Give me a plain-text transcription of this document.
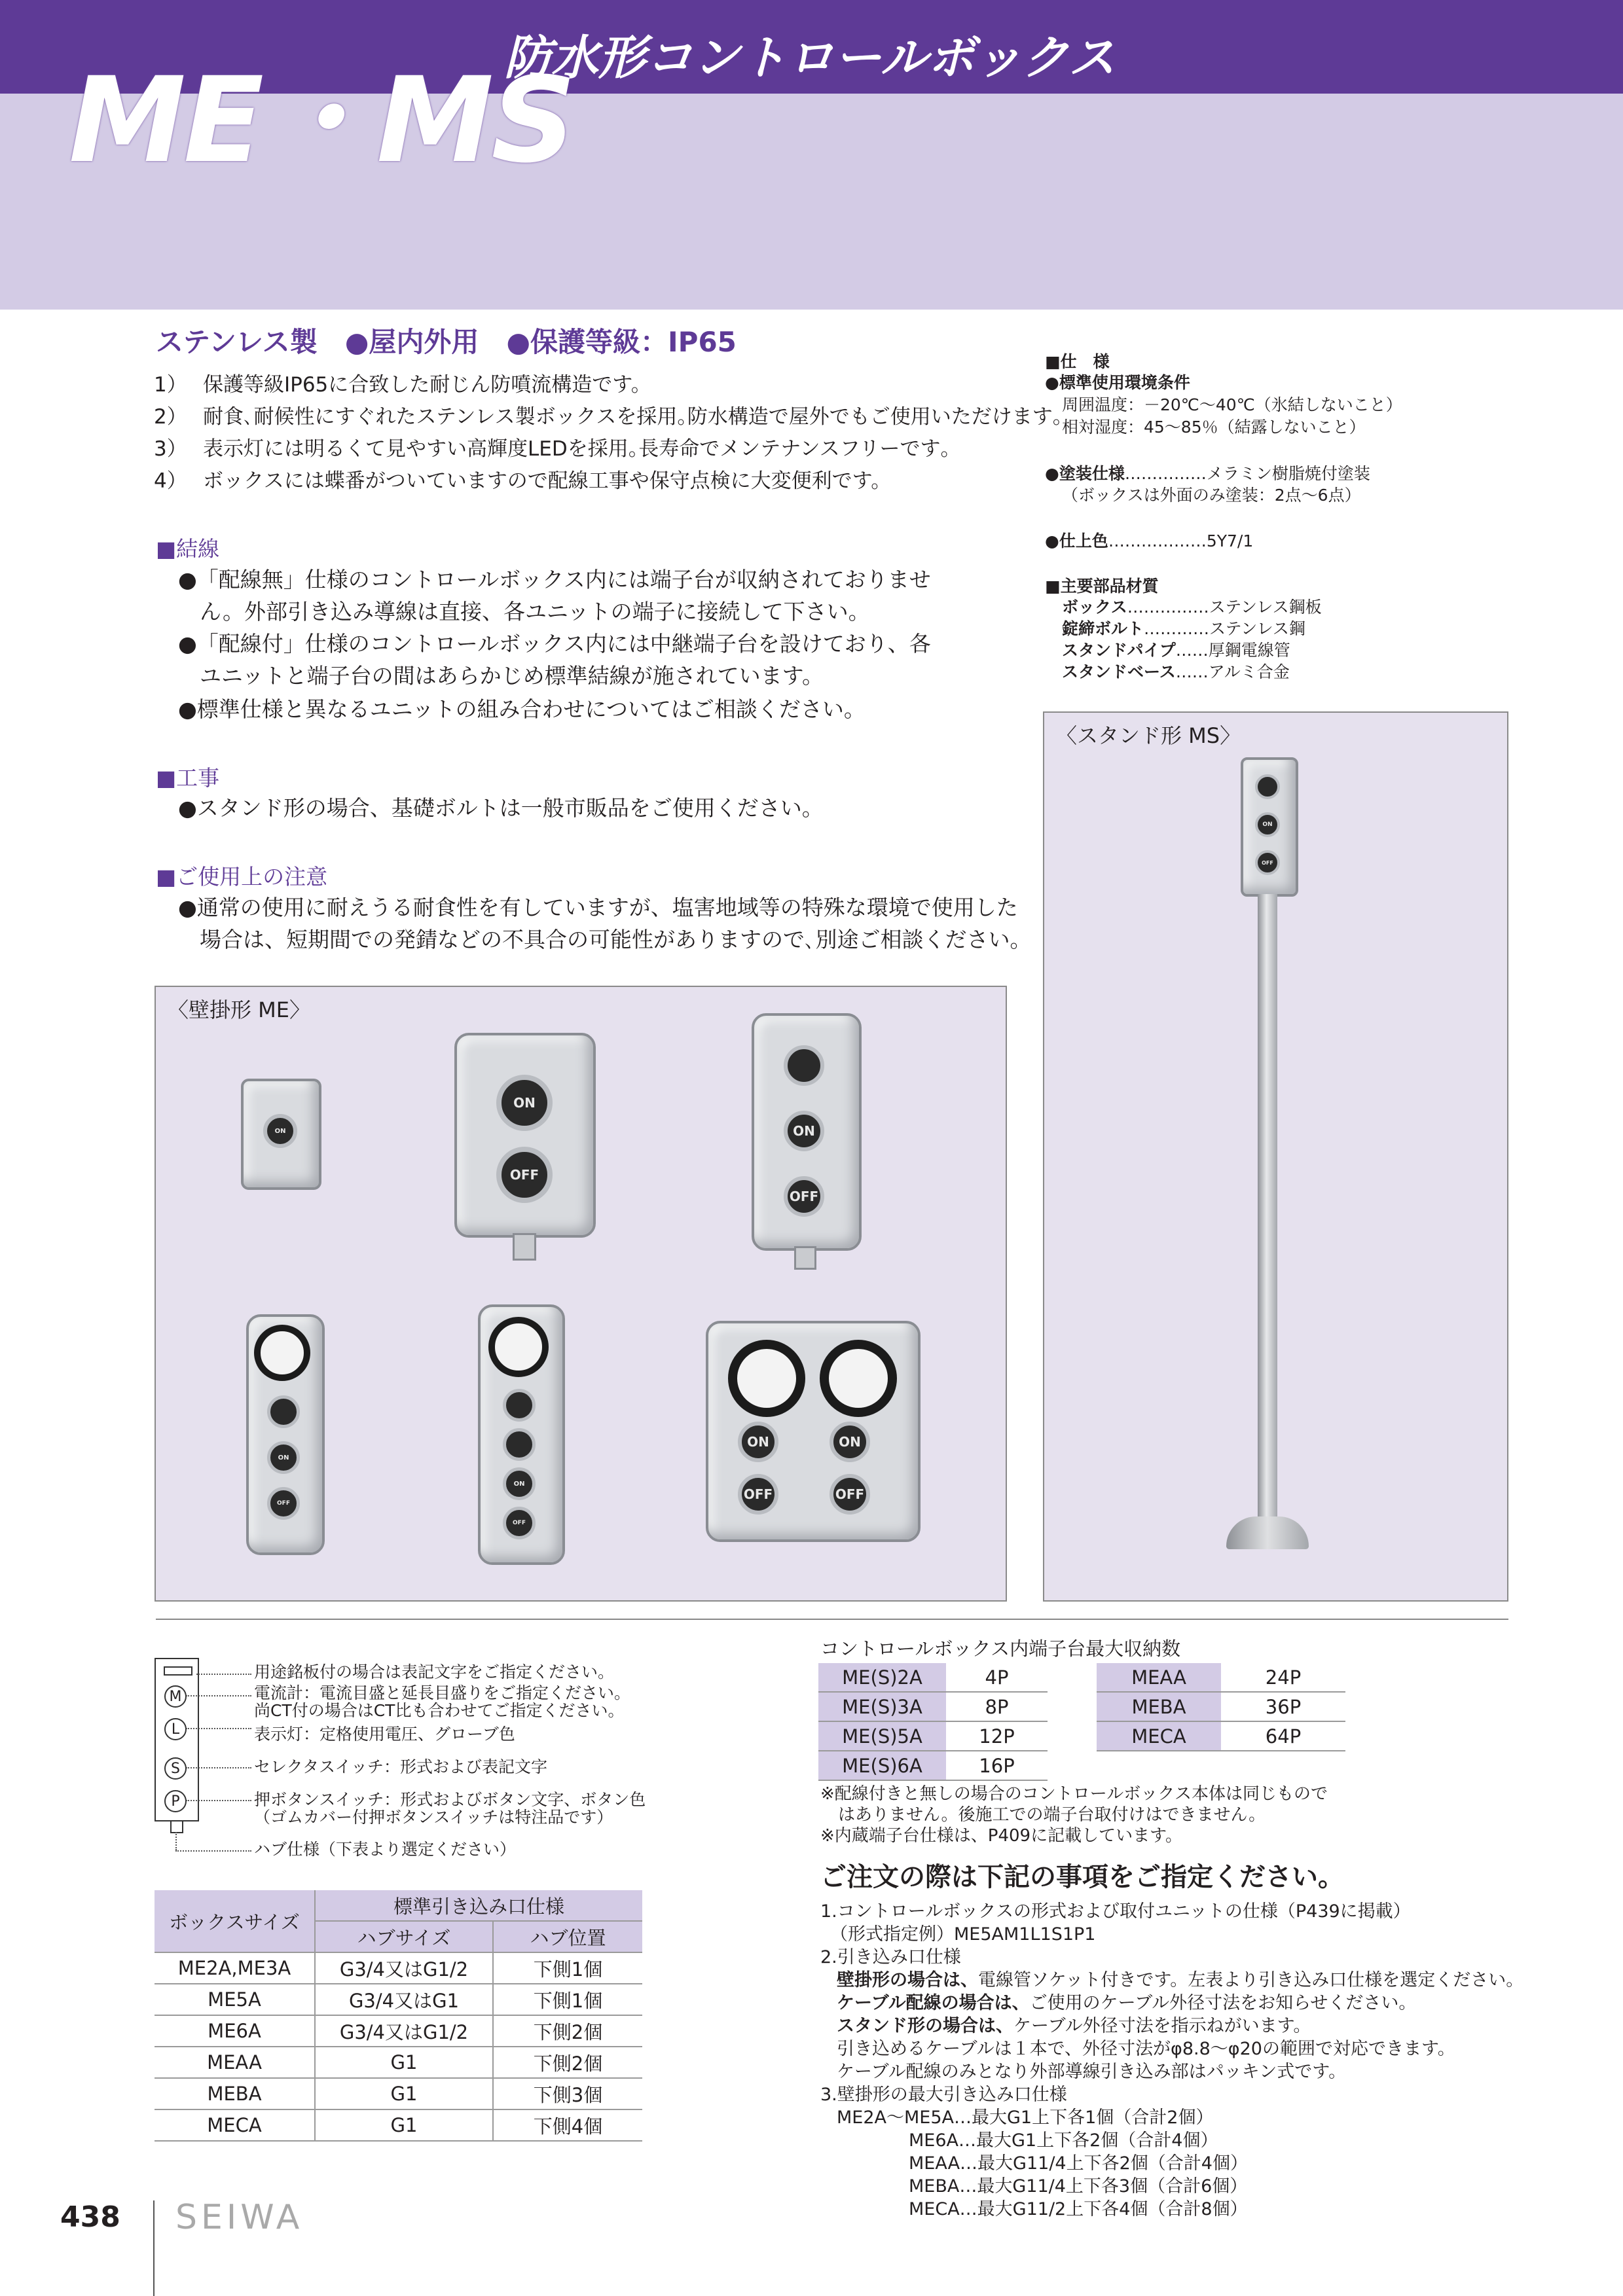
ME・MS
防水形コントロールボックス
ステンレス製　●屋内外用　●保護等級：IP65
1） 保護等級IP65に合致した耐じん防噴流構造です。
2） 耐食､耐候性にすぐれたステンレス製ボックスを採用｡防水構造で屋外でもご使用いただけます｡
3） 表示灯には明るくて見やすい高輝度LEDを採用｡長寿命でメンテナンスフリーです｡
4） ボックスには蝶番がついていますので配線工事や保守点検に大変便利です。
■結線
●「配線無」仕様のコントロールボックス内には端子台が収納されておりませ
ん。外部引き込み導線は直接、各ユニットの端子に接続して下さい。
●「配線付」仕様のコントロールボックス内には中継端子台を設けており、各
ユニットと端子台の間はあらかじめ標準結線が施されています。
●標準仕様と異なるユニットの組み合わせについてはご相談ください。
■工事
●スタンド形の場合、基礎ボルトは一般市販品をご使用ください。
■ご使用上の注意
●通常の使用に耐えうる耐食性を有していますが、塩害地域等の特殊な環境で使用した
場合は、短期間での発錆などの不具合の可能性がありますので､別途ご相談ください。
■仕　様
●標準使用環境条件
周囲温度：－20℃～40℃（氷結しないこと）
相対湿度：45～85％（結露しないこと）
●塗装仕様……………メラミン樹脂焼付塗装
（ボックスは外面のみ塗装：2点～6点）
●仕上色………………5Y7/1
■主要部品材質
ボックス……………ステンレス鋼板
錠締ボルト…………ステンレス鋼
スタンドパイプ……厚鋼電線管
スタンドベース……アルミ合金
〈スタンド形 MS〉
ON
OFF
〈壁掛形 ME〉
ON
ON
OFF
ON
OFF
ON
OFF
ON
OFF
ON	ON
OFF	OFF
M
L
S
P
用途銘板付の場合は表記文字をご指定ください。
電流計：電流目盛と延長目盛りをご指定ください。
尚CT付の場合はCT比も合わせてご指定ください。
表示灯：定格使用電圧、グローブ色
セレクタスイッチ：形式および表記文字
押ボタンスイッチ：形式およびボタン文字、ボタン色
（ゴムカバー付押ボタンスイッチは特注品です）
ハブ仕様（下表より選定ください）
ボックスサイズ	標準引き込み口仕様	
	ハブサイズ	ハブ位置
ME2A,ME3A	G3/4又はG1/2	下側1個
ME5A	G3/4又はG1	下側1個
ME6A	G3/4又はG1/2	下側2個
MEAA	G1	下側2個
MEBA	G1	下側3個
MECA	G1	下側4個
コントロールボックス内端子台最大収納数
ME(S)2A	4P
ME(S)3A	8P
ME(S)5A	12P
ME(S)6A	16P
MEAA	24P
MEBA	36P
MECA	64P
※配線付きと無しの場合のコントロールボックス本体は同じもので
はありません。後施工での端子台取付けはできません。
※内蔵端子台仕様は、P409に記載しています。
ご注文の際は下記の事項をご指定ください。
1.コントロールボックスの形式および取付ユニットの仕様（P439に掲載）
（形式指定例）ME5AM1L1S1P1
2.引き込み口仕様
壁掛形の場合は、電線管ソケット付きです。左表より引き込み口仕様を選定ください。
ケーブル配線の場合は、ご使用のケーブル外径寸法をお知らせください。
スタンド形の場合は、ケーブル外径寸法を指示ねがいます。
引き込めるケーブルは１本で、外径寸法がφ8.8～φ20の範囲で対応できます。
ケーブル配線のみとなり外部導線引き込み部はパッキン式です。
3.壁掛形の最大引き込み口仕様
ME2A～ME5A…最大G1上下各1個（合計2個）
ME6A…最大G1上下各2個（合計4個）
MEAA…最大G11/4上下各2個（合計4個）
MEBA…最大G11/4上下各3個（合計6個）
MECA…最大G11/2上下各4個（合計8個）
438 SEIWA
